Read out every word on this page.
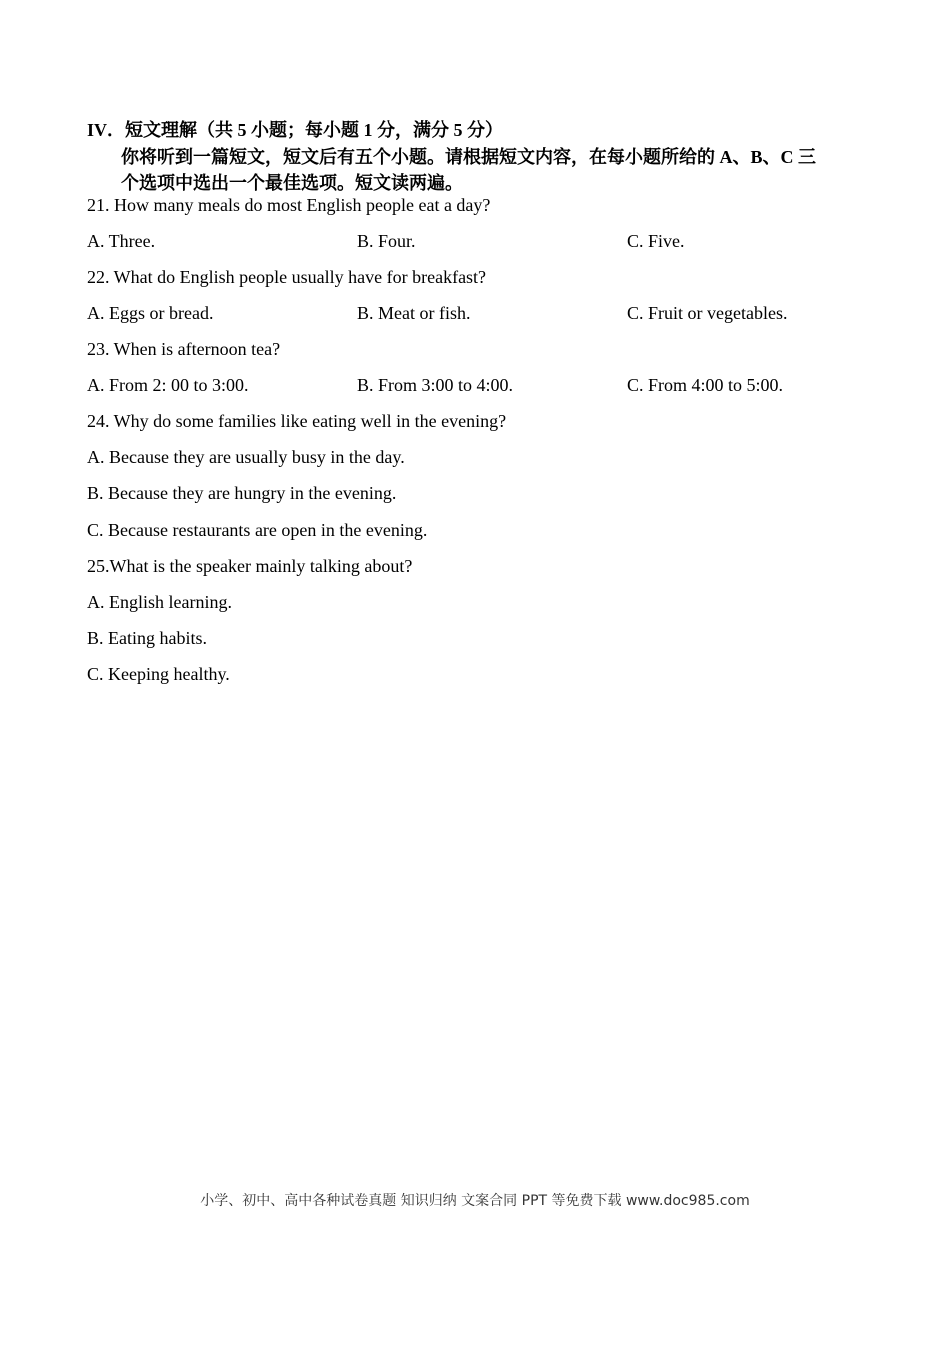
IV．短文理解（共 5 小题；每小题 1 分，满分 5 分）
你将听到一篇短文，短文后有五个小题。请根据短文内容，在每小题所给的 A、B、C 三
个选项中选出一个最佳选项。短文读两遍。
21. How many meals do most English people eat a day?
A. Three.	B. Four.	C. Five.
22. What do English people usually have for breakfast?
A. Eggs or bread.	B. Meat or fish.	C. Fruit or vegetables.
23. When is afternoon tea?
A. From 2: 00 to 3:00.	B. From 3:00 to 4:00.	C. From 4:00 to 5:00.
24. Why do some families like eating well in the evening?
A. Because they are usually busy in the day.
B. Because they are hungry in the evening.
C. Because restaurants are open in the evening.
25.What is the speaker mainly talking about?
A. English learning.
B. Eating habits.
C. Keeping healthy.
小学、初中、高中各种试卷真题 知识归纳 文案合同 PPT 等免费下载 www.doc985.com
